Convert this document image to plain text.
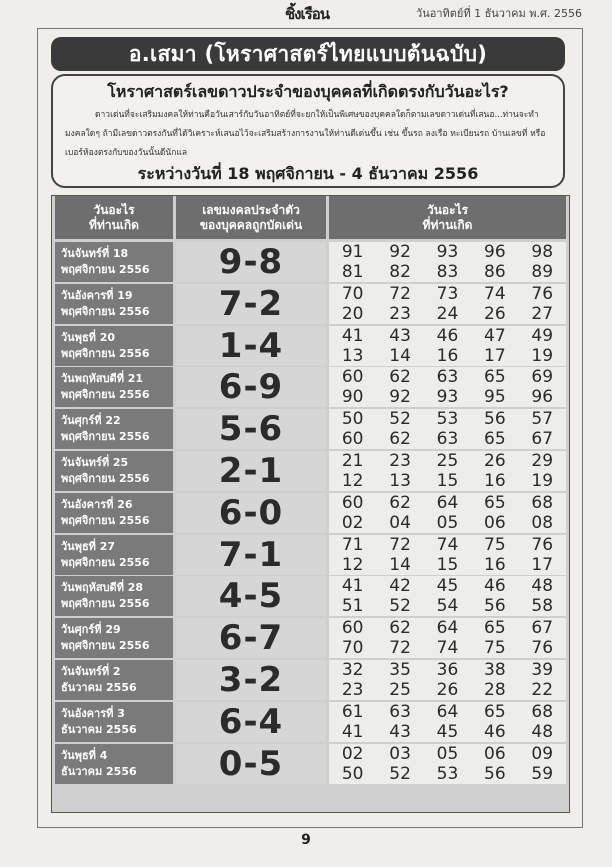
ชิ้งเรือน	วันอาทิตย์ที่ 1 ธันวาคม พ.ศ. 2556
อ.เสมา (โหราศาสตร์ไทยแบบต้นฉบับ)
โหราศาสตร์เลขดาวประจำของบุคคลที่เกิดตรงกับวันอะไร?
ดาวเด่นที่จะเสริมมงคลให้ท่านคือวันเสาร์กับวันอาทิตย์ที่จะยกให้เป็นพิเศษของบุคคลใดก็ตามเลขดาวเด่นที่เสนอ...ท่านจะทำมงคลใดๆ ถ้ามีเลขดาวตรงกันที่ได้วิเคราะห์เสนอไว้จะเสริมสร้างการงานให้ท่านดีเด่นขึ้น เช่น ขึ้นรถ ลงเรือ ทะเบียนรถ บ้านเลขที่ หรือ เบอร์ห้องตรงกับของวันนั้นดีนักแล
ระหว่างวันที่ 18 พฤศจิกายน - 4 ธันวาคม 2556
วันอะไร
ที่ท่านเกิด
เลขมงคลประจำตัว
ของบุคคลถูกบัดเด่น
วันอะไร
ที่ท่านเกิด
วันจันทร์ที่ 18
พฤศจิกายน 2556	9-8	91	92	93	96	98
81	82	83	86	89
วันอังคารที่ 19
พฤศจิกายน 2556	7-2	70	72	73	74	76
20	23	24	26	27
วันพุธที่ 20
พฤศจิกายน 2556	1-4	41	43	46	47	49
13	14	16	17	19
วันพฤหัสบดีที่ 21
พฤศจิกายน 2556	6-9	60	62	63	65	69
90	92	93	95	96
วันศุกร์ที่ 22
พฤศจิกายน 2556	5-6	50	52	53	56	57
60	62	63	65	67
วันจันทร์ที่ 25
พฤศจิกายน 2556	2-1	21	23	25	26	29
12	13	15	16	19
วันอังคารที่ 26
พฤศจิกายน 2556	6-0	60	62	64	65	68
02	04	05	06	08
วันพุธที่ 27
พฤศจิกายน 2556	7-1	71	72	74	75	76
12	14	15	16	17
วันพฤหัสบดีที่ 28
พฤศจิกายน 2556	4-5	41	42	45	46	48
51	52	54	56	58
วันศุกร์ที่ 29
พฤศจิกายน 2556	6-7	60	62	64	65	67
70	72	74	75	76
วันจันทร์ที่ 2
ธันวาคม 2556	3-2	32	35	36	38	39
23	25	26	28	22
วันอังคารที่ 3
ธันวาคม 2556	6-4	61	63	64	65	68
41	43	45	46	48
วันพุธที่ 4
ธันวาคม 2556	0-5	02	03	05	06	09
50	52	53	56	59
9
